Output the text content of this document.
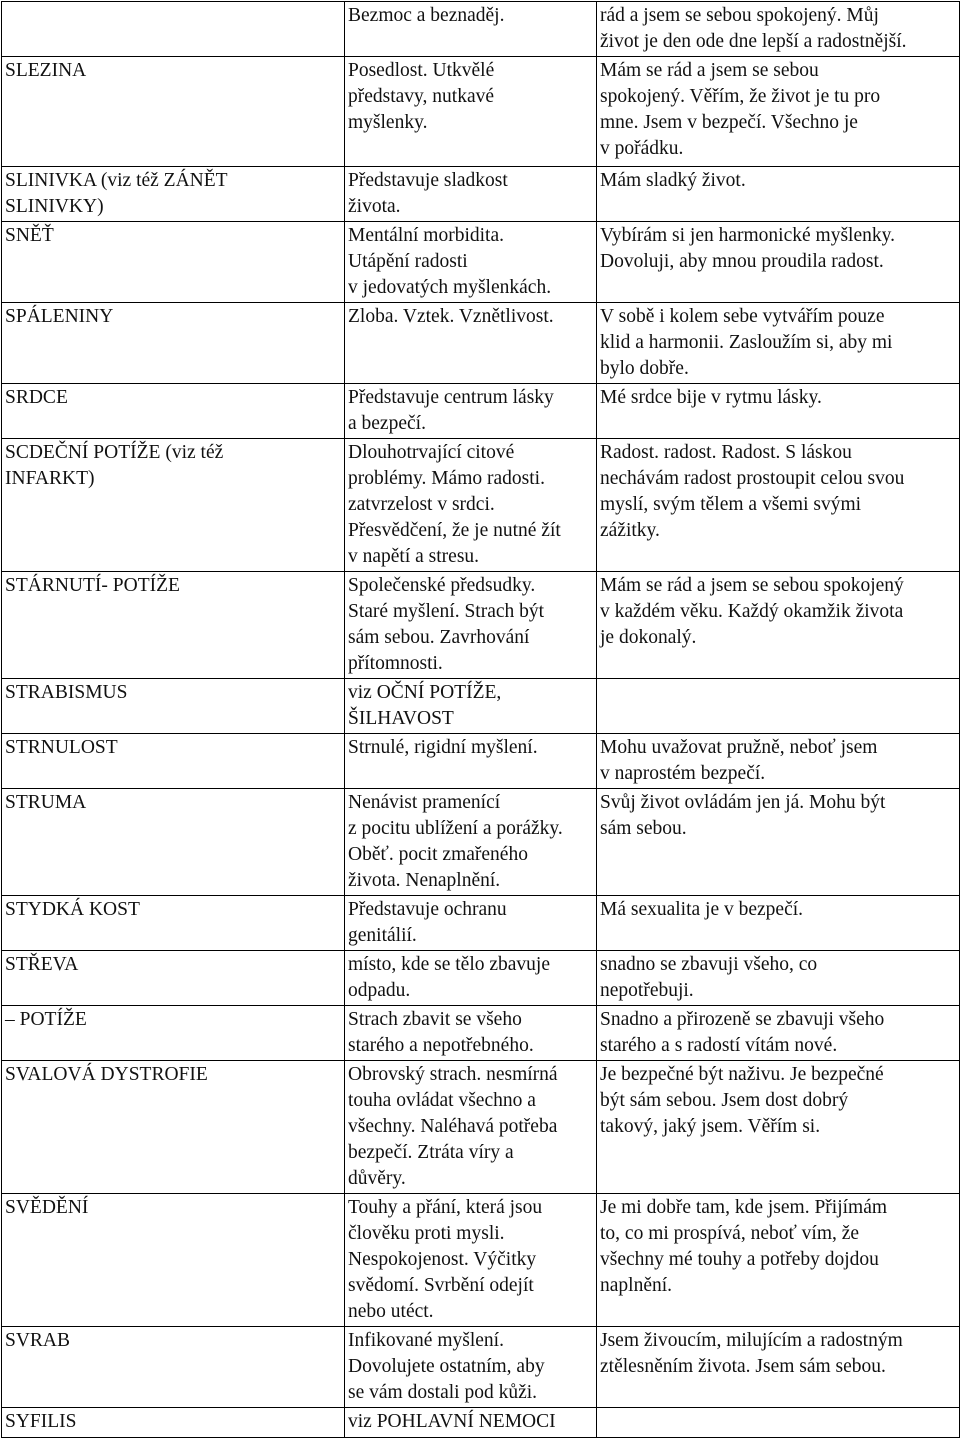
	Bezmoc a beznaděj.	rád a jsem se sebou spokojený. Můj
život je den ode dne lepší a radostnější.
SLEZINA	Posedlost. Utkvělé
představy, nutkavé
myšlenky.	Mám se rád a jsem se sebou
spokojený. Věřím, že život je tu pro
mne. Jsem v bezpečí. Všechno je
v pořádku.
SLINIVKA (viz též ZÁNĚT
SLINIVKY)	Představuje sladkost
života.	Mám sladký život.
SNĚŤ	Mentální morbidita.
Utápění radosti
v jedovatých myšlenkách.	Vybírám si jen harmonické myšlenky.
Dovoluji, aby mnou proudila radost.
SPÁLENINY	Zloba. Vztek. Vznětlivost.	V sobě i kolem sebe vytvářím pouze
klid a harmonii. Zasloužím si, aby mi
bylo dobře.
SRDCE	Představuje centrum lásky
a bezpečí.	Mé srdce bije v rytmu lásky.
SCDEČNÍ POTÍŽE (viz též
INFARKT)	Dlouhotrvající citové
problémy. Mámo radosti.
zatvrzelost v srdci.
Přesvědčení, že je nutné žít
v napětí a stresu.	Radost. radost. Radost. S láskou
nechávám radost prostoupit celou svou
myslí, svým tělem a všemi svými
zážitky.
STÁRNUTÍ- POTÍŽE	Společenské předsudky.
Staré myšlení. Strach být
sám sebou. Zavrhování
přítomnosti.	Mám se rád a jsem se sebou spokojený
v každém věku. Každý okamžik života
je dokonalý.
STRABISMUS	viz OČNÍ POTÍŽE,
ŠILHAVOST	
STRNULOST	Strnulé, rigidní myšlení.	Mohu uvažovat pružně, neboť jsem
v naprostém bezpečí.
STRUMA	Nenávist pramenící
z pocitu ublížení a porážky.
Oběť. pocit zmařeného
života. Nenaplnění.	Svůj život ovládám jen já. Mohu být
sám sebou.
STYDKÁ KOST	Představuje ochranu
genitálií.	Má sexualita je v bezpečí.
STŘEVA	místo, kde se tělo zbavuje
odpadu.	snadno se zbavuji všeho, co
nepotřebuji.
– POTÍŽE	Strach zbavit se všeho
starého a nepotřebného.	Snadno a přirozeně se zbavuji všeho
starého a s radostí vítám nové.
SVALOVÁ DYSTROFIE	Obrovský strach. nesmírná
touha ovládat všechno a
všechny. Naléhavá potřeba
bezpečí. Ztráta víry a
důvěry.	Je bezpečné být naživu. Je bezpečné
být sám sebou. Jsem dost dobrý
takový, jaký jsem. Věřím si.
SVĚDĚNÍ	Touhy a přání, která jsou
člověku proti mysli.
Nespokojenost. Výčitky
svědomí. Svrbění odejít
nebo utéct.	Je mi dobře tam, kde jsem. Přijímám
to, co mi prospívá, neboť vím, že
všechny mé touhy a potřeby dojdou
naplnění.
SVRAB	Infikované myšlení.
Dovolujete ostatním, aby
se vám dostali pod kůži.	Jsem živoucím, milujícím a radostným
ztělesněním života. Jsem sám sebou.
SYFILIS	viz POHLAVNÍ NEMOCI	
